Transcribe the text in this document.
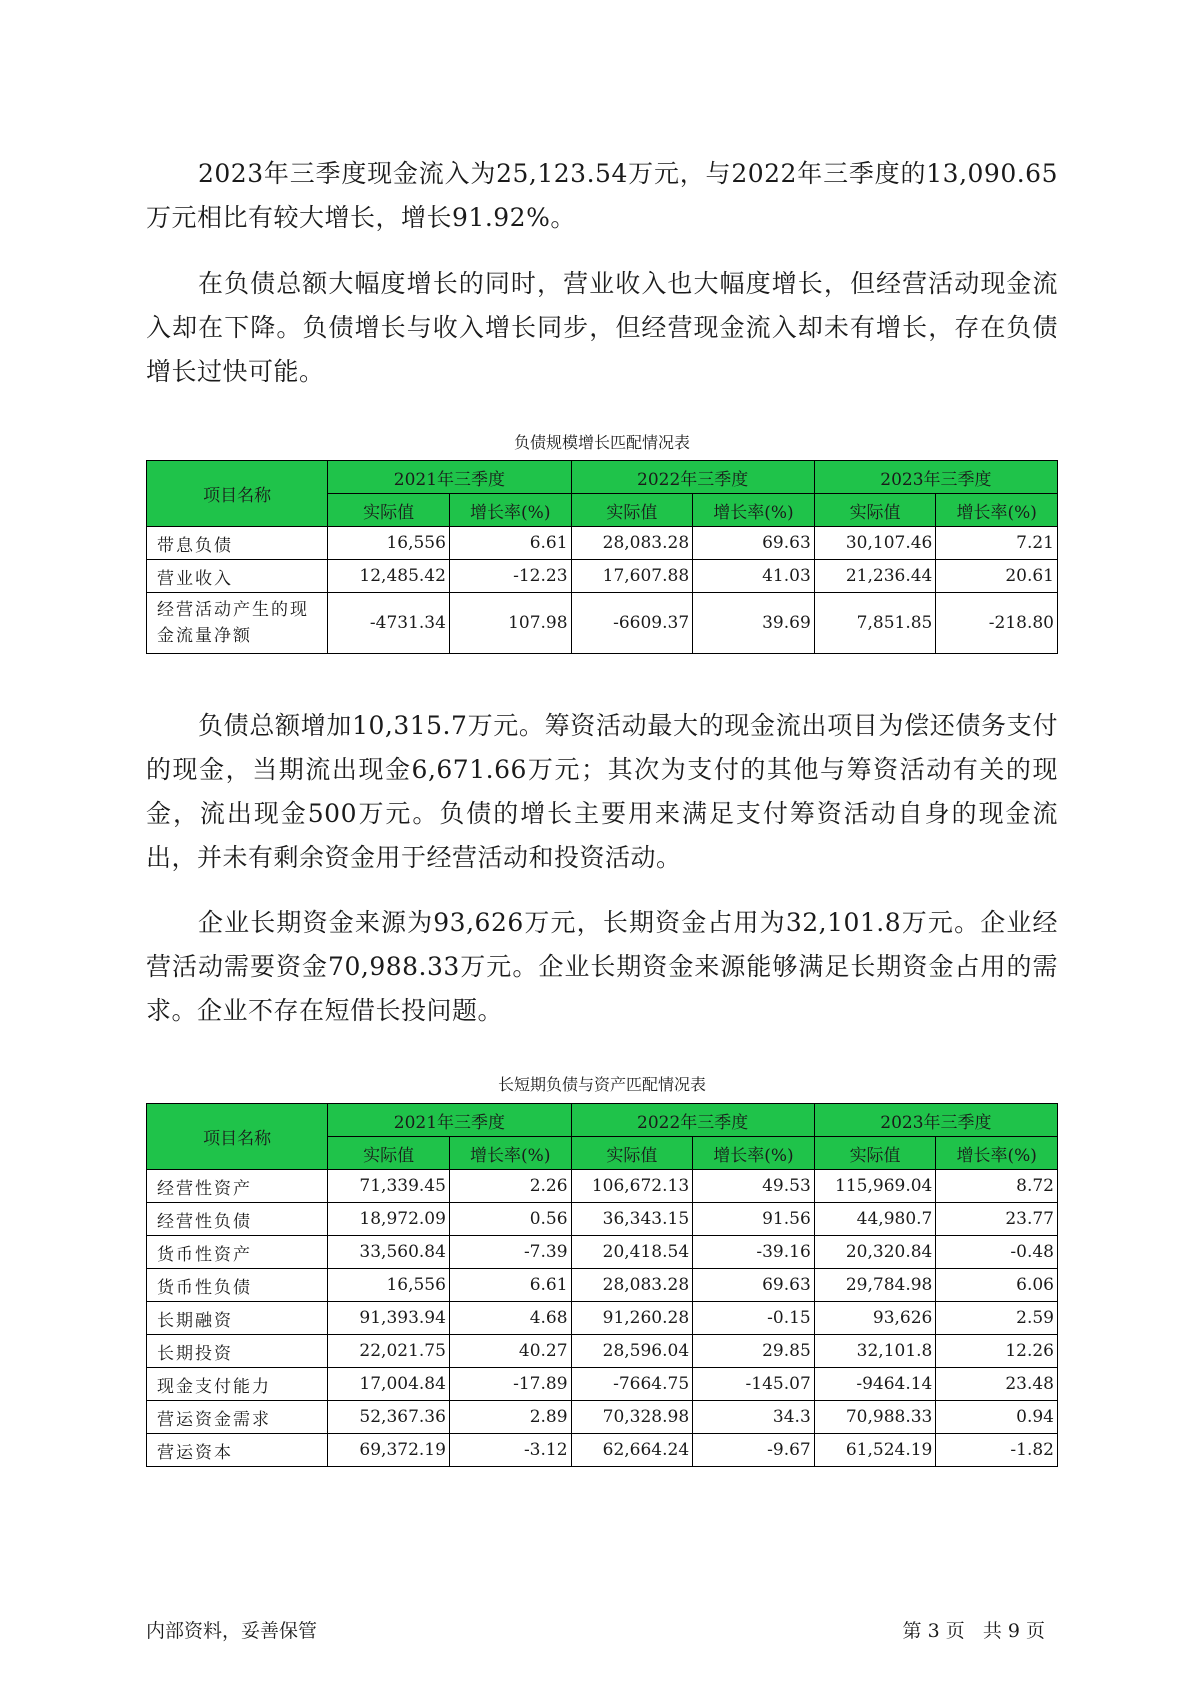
2023年三季度现金流入为25,123.54万元，与2022年三季度的13,090.65万元相比有较大增长，增长91.92%。

在负债总额大幅度增长的同时，营业收入也大幅度增长，但经营活动现金流入却在下降。负债增长与收入增长同步，但经营现金流入却未有增长，存在负债增长过快可能。

负债规模增长匹配情况表
项目名称	2021年三季度		2022年三季度		2023年三季度	
	实际值	增长率(%)	实际值	增长率(%)	实际值	增长率(%)
带息负债	16,556	6.61	28,083.28	69.63	30,107.46	7.21
营业收入	12,485.42	-12.23	17,607.88	41.03	21,236.44	20.61
经营活动产生的现金流量净额	-4731.34	107.98	-6609.37	39.69	7,851.85	-218.80

负债总额增加10,315.7万元。筹资活动最大的现金流出项目为偿还债务支付的现金，当期流出现金6,671.66万元；其次为支付的其他与筹资活动有关的现金，流出现金500万元。负债的增长主要用来满足支付筹资活动自身的现金流出，并未有剩余资金用于经营活动和投资活动。

企业长期资金来源为93,626万元，长期资金占用为32,101.8万元。企业经营活动需要资金70,988.33万元。企业长期资金来源能够满足长期资金占用的需求。企业不存在短借长投问题。

长短期负债与资产匹配情况表
项目名称	2021年三季度		2022年三季度		2023年三季度	
	实际值	增长率(%)	实际值	增长率(%)	实际值	增长率(%)
经营性资产	71,339.45	2.26	106,672.13	49.53	115,969.04	8.72
经营性负债	18,972.09	0.56	36,343.15	91.56	44,980.7	23.77
货币性资产	33,560.84	-7.39	20,418.54	-39.16	20,320.84	-0.48
货币性负债	16,556	6.61	28,083.28	69.63	29,784.98	6.06
长期融资	91,393.94	4.68	91,260.28	-0.15	93,626	2.59
长期投资	22,021.75	40.27	28,596.04	29.85	32,101.8	12.26
现金支付能力	17,004.84	-17.89	-7664.75	-145.07	-9464.14	23.48
营运资金需求	52,367.36	2.89	70,328.98	34.3	70,988.33	0.94
营运资本	69,372.19	-3.12	62,664.24	-9.67	61,524.19	-1.82
内部资料，妥善保管	第 3 页   共 9 页
